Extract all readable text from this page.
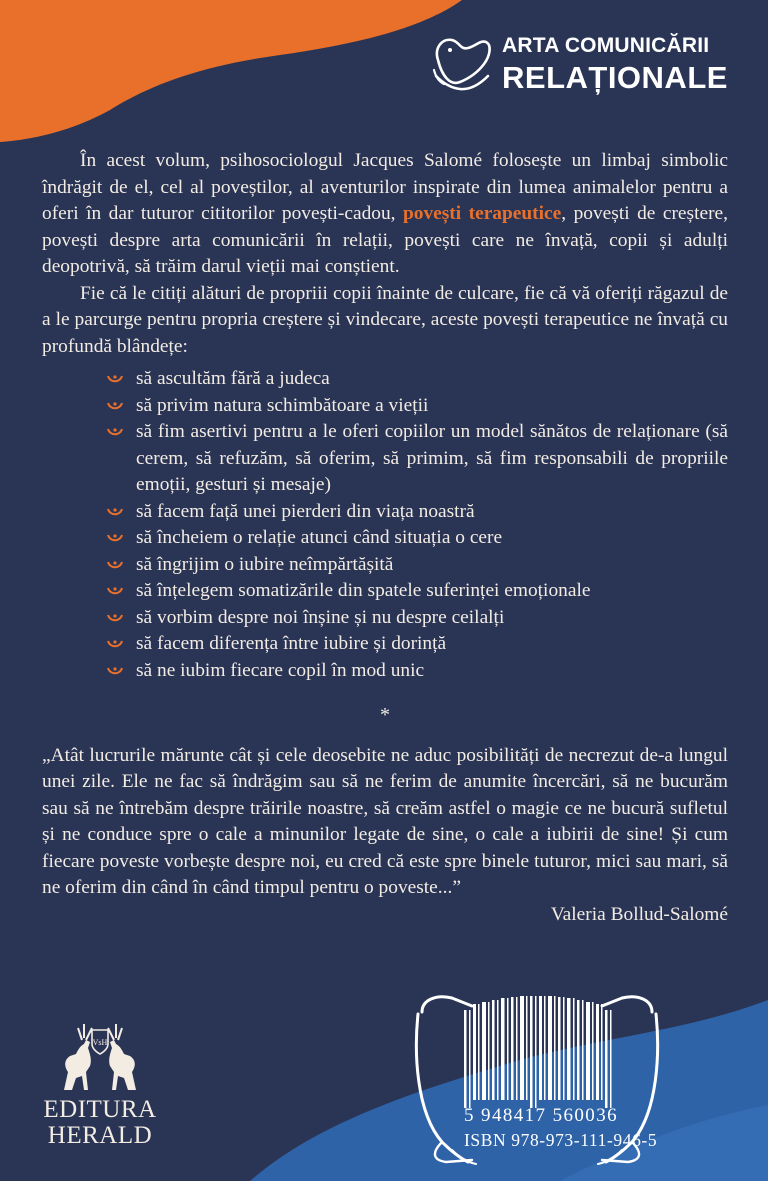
ARTA COMUNICĂRII
RELAȚIONALE

În acest volum, psihosociologul Jacques Salomé folosește un limbaj simbolic îndrăgit de el, cel al poveștilor, al aventurilor inspirate din lumea animalelor pentru a oferi în dar tuturor cititorilor povești-cadou, povești terapeutice, povești de creștere, povești despre arta comunicării în relații, povești care ne învață, copii și adulți deopotrivă, să trăim darul vieții mai conștient.

Fie că le citiți alături de propriii copii înainte de culcare, fie că vă oferiți răgazul de a le parcurge pentru propria creștere și vindecare, aceste povești terapeutice ne învață cu profundă blândețe:

să ascultăm fără a judeca
să privim natura schimbătoare a vieții
să fim asertivi pentru a le oferi copiilor un model sănătos de relaționare (să cerem, să refuzăm, să oferim, să primim, să fim responsabili de propriile emoții, gesturi și mesaje)
să facem față unei pierderi din viața noastră
să încheiem o relație atunci când situația o cere
să îngrijim o iubire neîmpărtășită
să înțelegem somatizările din spatele suferinței emoționale
să vorbim despre noi înșine și nu despre ceilalți
să facem diferența între iubire și dorință
să ne iubim fiecare copil în mod unic
*

„Atât lucrurile mărunte cât și cele deosebite ne aduc posibilități de necrezut de-a lungul unei zile. Ele ne fac să îndrăgim sau să ne ferim de anumite încercări, să ne bucurăm sau să ne întrebăm despre trăirile noastre, să creăm astfel o magie ce ne bucură sufletul și ne conduce spre o cale a minunilor legate de sine, o cale a iubirii de sine! Și cum fiecare poveste vorbește despre noi, eu cred că este spre binele tuturor, mici sau mari, să ne oferim din când în când timpul pentru o poveste...”

Valeria Bollud-Salomé

VsH
EDITURA
HERALD
5 948417 560036
ISBN 978-973-111-946-5
